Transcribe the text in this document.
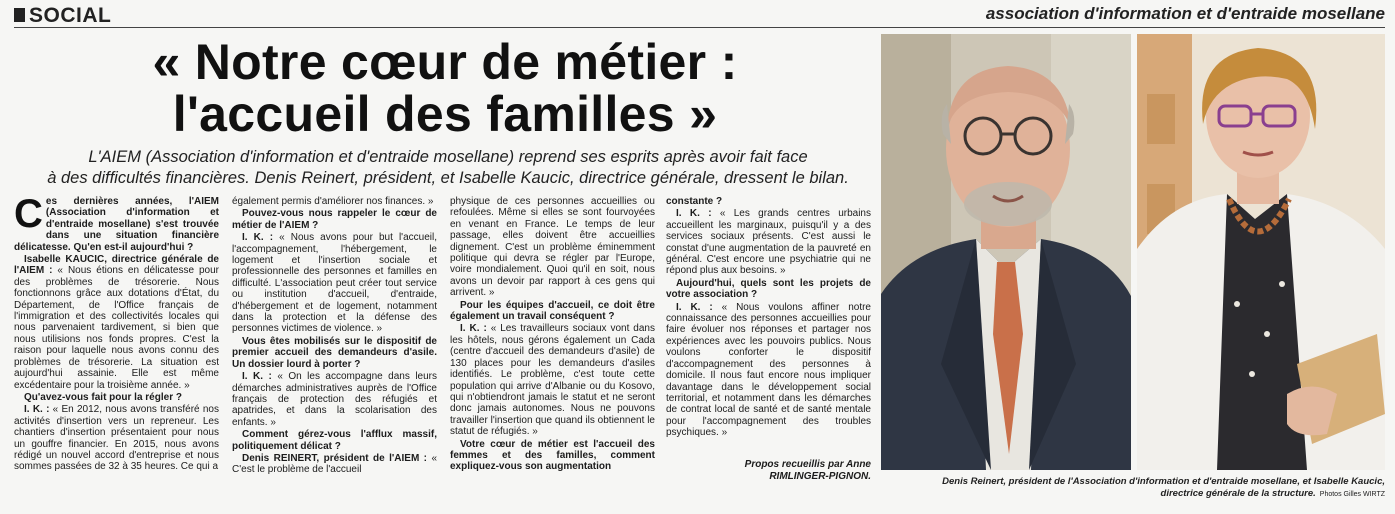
SOCIAL	association d'information et d'entraide mosellane
« Notre cœur de métier :
l'accueil des familles »
L'AIEM (Association d'information et d'entraide mosellane) reprend ses esprits après avoir fait face
à des difficultés financières. Denis Reinert, président, et Isabelle Kaucic, directrice générale, dressent le bilan.

Ces dernières années, l'AIEM (Association d'information et d'entraide mosellane) s'est trouvée dans une situation financière délicatesse. Qu'en est-il aujourd'hui ?

Isabelle KAUCIC, directrice générale de l'AIEM : « Nous étions en délicatesse pour des problèmes de trésorerie. Nous fonctionnons grâce aux dotations d'État, du Département, de l'Office français de l'immigration et des collectivités locales qui nous parvenaient tardivement, si bien que nous utilisions nos fonds propres. C'est la raison pour laquelle nous avons connu des problèmes de trésorerie. La situation est aujourd'hui assainie. Elle est même excédentaire pour la troisième année. »

Qu'avez-vous fait pour la régler ?

I. K. : « En 2012, nous avons transféré nos activités d'insertion vers un repreneur. Les chantiers d'insertion présentaient pour nous un gouffre financier. En 2015, nous avons rédigé un nouvel accord d'entreprise et nous sommes passées de 32 à 35 heures. Ce qui a

également permis d'améliorer nos finances. »

Pouvez-vous nous rappeler le cœur de métier de l'AIEM ?

I. K. : « Nous avons pour but l'accueil, l'accompagnement, l'hébergement, le logement et l'insertion sociale et professionnelle des personnes et familles en difficulté. L'association peut créer tout service ou institution d'accueil, d'entraide, d'hébergement et de logement, notamment dans la protection et la défense des personnes victimes de violence. »

Vous êtes mobilisés sur le dispositif de premier accueil des demandeurs d'asile. Un dossier lourd à porter ?

I. K. : « On les accompagne dans leurs démarches administratives auprès de l'Office français de protection des réfugiés et apatrides, et dans la scolarisation des enfants. »

Comment gérez-vous l'afflux massif, politiquement délicat ?

Denis REINERT, président de l'AIEM : « C'est le problème de l'accueil

physique de ces personnes accueillies ou refoulées. Même si elles se sont fourvoyées en venant en France. Le temps de leur passage, elles doivent être accueillies dignement. C'est un problème éminemment politique qui devra se régler par l'Europe, voire mondialement. Quoi qu'il en soit, nous avons un devoir par rapport à ces gens qui arrivent. »

Pour les équipes d'accueil, ce doit être également un travail conséquent ?

I. K. : « Les travailleurs sociaux vont dans les hôtels, nous gérons également un Cada (centre d'accueil des demandeurs d'asile) de 130 places pour les demandeurs d'asiles identifiés. Le problème, c'est toute cette population qui arrive d'Albanie ou du Kosovo, qui n'obtiendront jamais le statut et ne seront donc jamais autonomes. Nous ne pouvons travailler l'insertion que quand ils obtiennent le statut de réfugiés. »

Votre cœur de métier est l'accueil des femmes et des familles, comment expliquez-vous son augmentation

constante ?

I. K. : « Les grands centres urbains accueillent les marginaux, puisqu'il y a des services sociaux présents. C'est aussi le constat d'une augmentation de la pauvreté en général. C'est encore une psychiatrie qui ne répond plus aux besoins. »

Aujourd'hui, quels sont les projets de votre association ?

I. K. : « Nous voulons affiner notre connaissance des personnes accueillies pour faire évoluer nos réponses et partager nos expériences avec les pouvoirs publics. Nous voulons conforter le dispositif d'accompagnement des personnes à domicile. Il nous faut encore nous impliquer davantage dans le développement social territorial, et notamment dans les démarches de contrat local de santé et de santé mentale pour l'accompagnement des troubles psychiques. »

Propos recueillis par Anne
RIMLINGER-PIGNON.	Denis Reinert, président de l'Association d'information et d'entraide mosellane, et Isabelle Kaucic,
directrice générale de la structure. Photos Gilles WIRTZ
